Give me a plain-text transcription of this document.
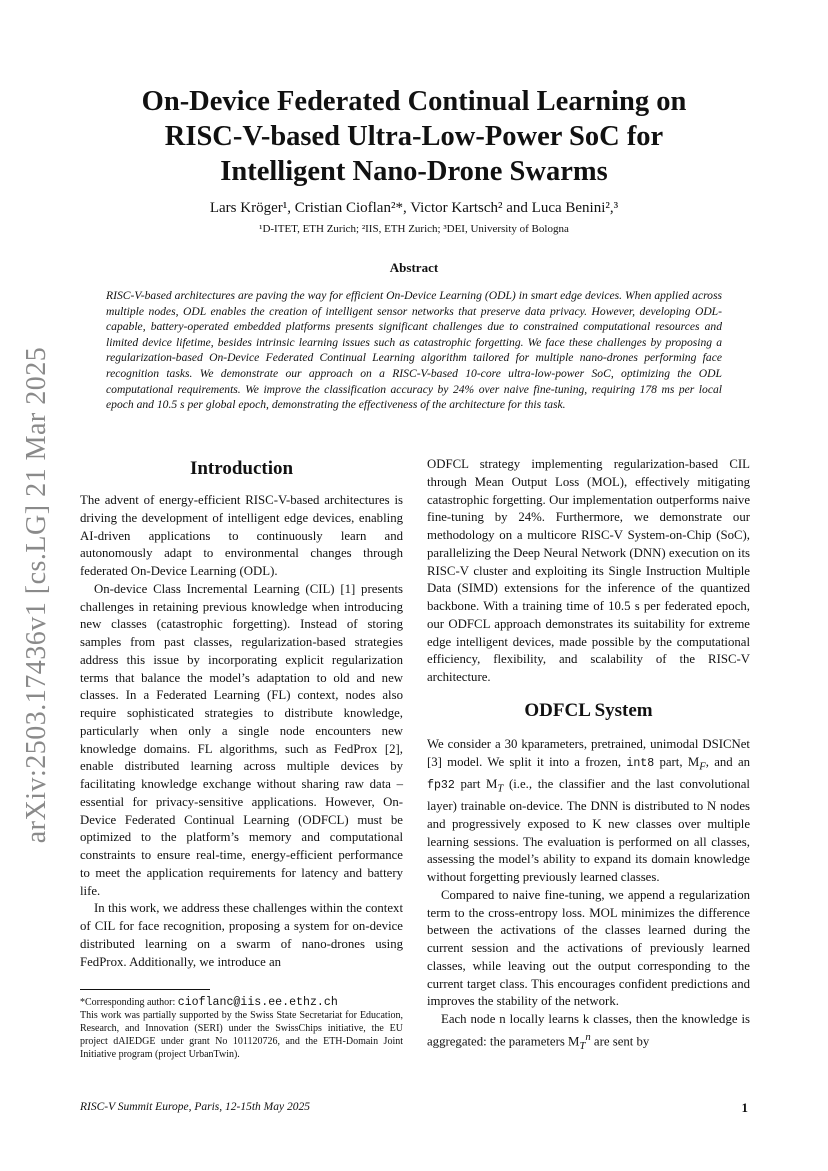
arXiv:2503.17436v1 [cs.LG] 21 Mar 2025
On-Device Federated Continual Learning on RISC-V-based Ultra-Low-Power SoC for Intelligent Nano-Drone Swarms
Lars Kröger¹, Cristian Cioflan²*, Victor Kartsch² and Luca Benini²,³
¹D-ITET, ETH Zurich; ²IIS, ETH Zurich; ³DEI, University of Bologna
Abstract

RISC-V-based architectures are paving the way for efficient On-Device Learning (ODL) in smart edge devices. When applied across multiple nodes, ODL enables the creation of intelligent sensor networks that preserve data privacy. However, developing ODL-capable, battery-operated embedded platforms presents significant challenges due to constrained computational resources and limited device lifetime, besides intrinsic learning issues such as catastrophic forgetting. We face these challenges by proposing a regularization-based On-Device Federated Continual Learning algorithm tailored for multiple nano-drones performing face recognition tasks. We demonstrate our approach on a RISC-V-based 10-core ultra-low-power SoC, optimizing the ODL computational requirements. We improve the classification accuracy by 24% over naive fine-tuning, requiring 178 ms per local epoch and 10.5 s per global epoch, demonstrating the effectiveness of the architecture for this task.

Introduction

The advent of energy-efficient RISC-V-based architectures is driving the development of intelligent edge devices, enabling AI-driven applications to continuously learn and autonomously adapt to environmental changes through federated On-Device Learning (ODL).

On-device Class Incremental Learning (CIL) [1] presents challenges in retaining previous knowledge when introducing new classes (catastrophic forgetting). Instead of storing samples from past classes, regularization-based strategies address this issue by incorporating explicit regularization terms that balance the model’s adaptation to old and new classes. In a Federated Learning (FL) context, nodes also require sophisticated strategies to distribute knowledge, particularly when only a single node encounters new knowledge domains. FL algorithms, such as FedProx [2], enable distributed learning across multiple devices by facilitating knowledge exchange without sharing raw data – essential for privacy-sensitive applications. However, On-Device Federated Continual Learning (ODFCL) must be optimized to the platform’s memory and computational constraints to ensure real-time, energy-efficient performance to meet the application requirements for latency and battery life.

In this work, we address these challenges within the context of CIL for face recognition, proposing a system for on-device distributed learning on a swarm of nano-drones using FedProx. Additionally, we introduce an

ODFCL strategy implementing regularization-based CIL through Mean Output Loss (MOL), effectively mitigating catastrophic forgetting. Our implementation outperforms naive fine-tuning by 24%. Furthermore, we demonstrate our methodology on a multicore RISC-V System-on-Chip (SoC), parallelizing the Deep Neural Network (DNN) execution on its RISC-V cluster and exploiting its Single Instruction Multiple Data (SIMD) extensions for the inference of the quantized backbone. With a training time of 10.5 s per federated epoch, our ODFCL approach demonstrates its suitability for extreme edge intelligent devices, made possible by the computational efficiency, flexibility, and scalability of the RISC-V architecture.

ODFCL System

We consider a 30 kparameters, pretrained, unimodal DSICNet [3] model. We split it into a frozen, int8 part, $M_F$, and an fp32 part $M_T$ (i.e., the classifier and the last convolutional layer) trainable on-device. The DNN is distributed to N nodes and progressively exposed to K new classes over multiple learning sessions. The evaluation is performed on all classes, assessing the model’s ability to expand its domain knowledge without forgetting previously learned classes.

Compared to naive fine-tuning, we append a regularization term to the cross-entropy loss. MOL minimizes the difference between the activations of the classes learned during the current session and the activations of previously learned classes, while leaving out the output corresponding to the current target class. This encourages confident predictions and improves the stability of the network.

Each node n locally learns k classes, then the knowledge is aggregated: the parameters $M_T^n$ are sent by

*Corresponding author: cioflanc@iis.ee.ethz.ch
This work was partially supported by the Swiss State Secretariat for Education, Research, and Innovation (SERI) under the SwissChips initiative, the EU project dAIEDGE under grant No 101120726, and the ETH-Domain Joint Initiative program (project UrbanTwin).
RISC-V Summit Europe, Paris, 12-15th May 2025	1
